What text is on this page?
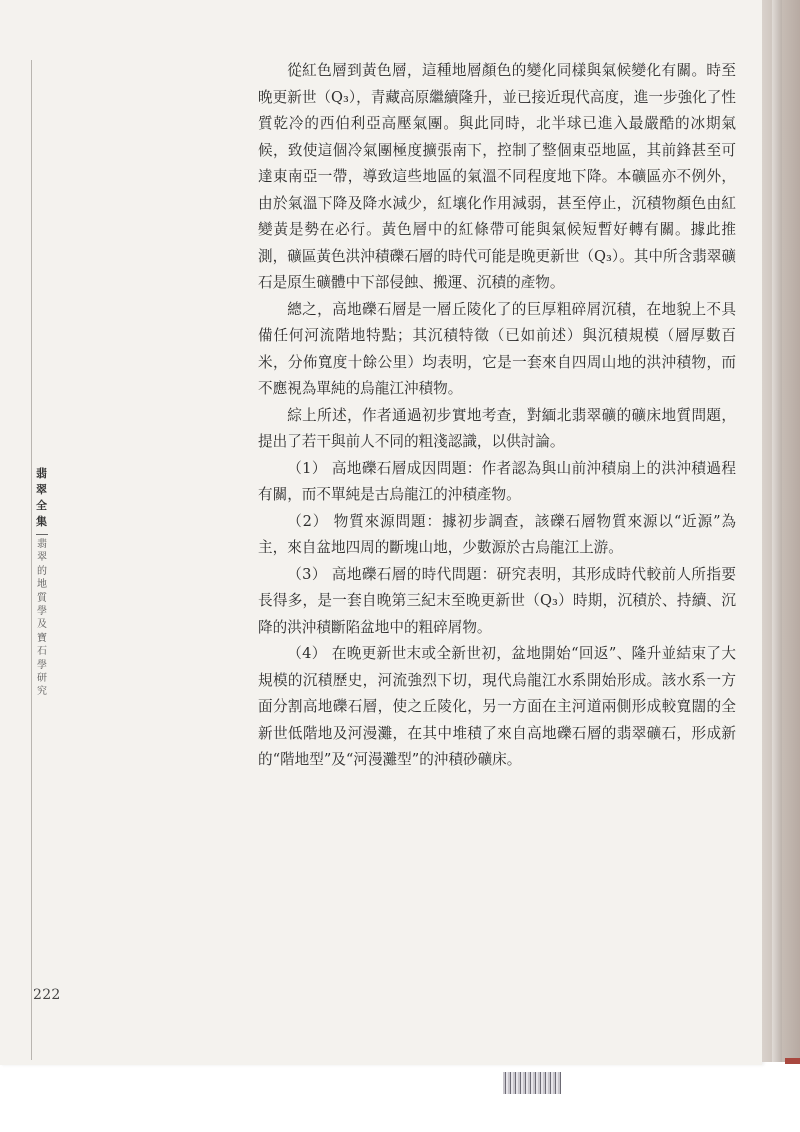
翡翠全集
翡翠的地質學及寶石學研究

從紅色層到黃色層，這種地層顏色的變化同樣與氣候變化有關。時至晚更新世（Q₃），青藏高原繼續隆升，並已接近現代高度，進一步強化了性質乾冷的西伯利亞高壓氣團。與此同時，北半球已進入最嚴酷的冰期氣候，致使這個冷氣團極度擴張南下，控制了整個東亞地區，其前鋒甚至可達東南亞一帶，導致這些地區的氣溫不同程度地下降。本礦區亦不例外，由於氣溫下降及降水減少，紅壤化作用減弱，甚至停止，沉積物顏色由紅變黃是勢在必行。黃色層中的紅條帶可能與氣候短暫好轉有關。據此推測，礦區黃色洪沖積礫石層的時代可能是晚更新世（Q₃）。其中所含翡翠礦石是原生礦體中下部侵蝕、搬運、沉積的產物。

總之，高地礫石層是一層丘陵化了的巨厚粗碎屑沉積，在地貌上不具備任何河流階地特點；其沉積特徵（已如前述）與沉積規模（層厚數百米，分佈寬度十餘公里）均表明，它是一套來自四周山地的洪沖積物，而不應視為單純的烏龍江沖積物。

綜上所述，作者通過初步實地考查，對緬北翡翠礦的礦床地質問題，提出了若干與前人不同的粗淺認識，以供討論。

（1） 高地礫石層成因問題：作者認為與山前沖積扇上的洪沖積過程有關，而不單純是古烏龍江的沖積產物。

（2） 物質來源問題：據初步調查，該礫石層物質來源以“近源”為主，來自盆地四周的斷塊山地，少數源於古烏龍江上游。

（3） 高地礫石層的時代問題：研究表明，其形成時代較前人所指要長得多，是一套自晚第三紀末至晚更新世（Q₃）時期，沉積於、持續、沉降的洪沖積斷陷盆地中的粗碎屑物。

（4） 在晚更新世末或全新世初，盆地開始“回返”、隆升並結束了大規模的沉積歷史，河流強烈下切，現代烏龍江水系開始形成。該水系一方面分割高地礫石層，使之丘陵化，另一方面在主河道兩側形成較寬闊的全新世低階地及河漫灘，在其中堆積了來自高地礫石層的翡翠礦石，形成新的“階地型”及“河漫灘型”的沖積砂礦床。

222
